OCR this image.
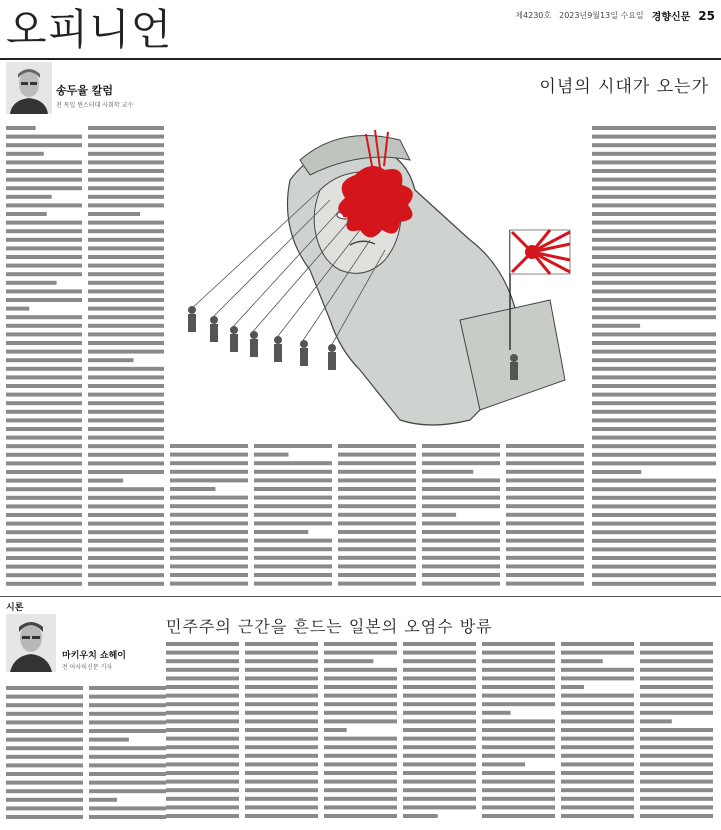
오피니언	제4230호 2023년9월13일 수요일 경향신문 25
송두율 칼럼
전 독일 뮌스터대 사회학 교수
이념의 시대가 오는가
시론
마키우치 쇼헤이
전 아사히신문 기자
민주주의 근간을 흔드는 일본의 오염수 방류
